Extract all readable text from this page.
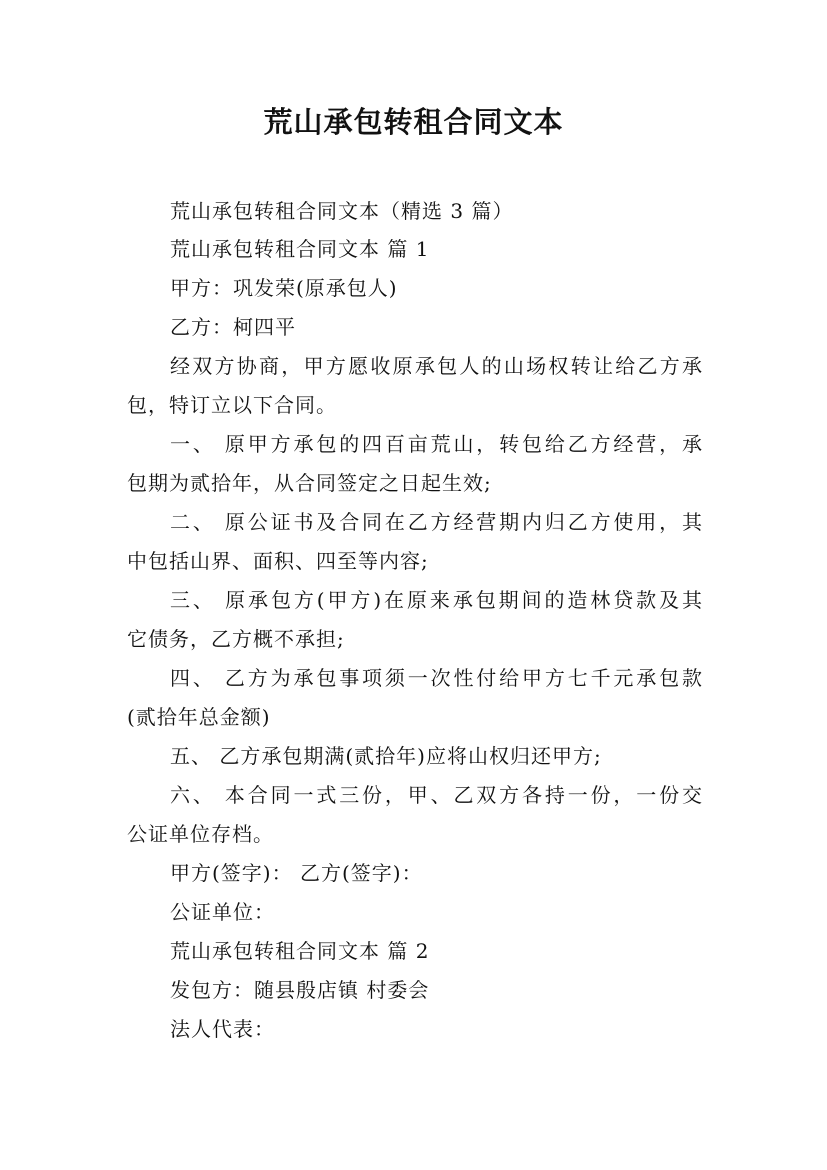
荒山承包转租合同文本
荒山承包转租合同文本（精选 3 篇）
荒山承包转租合同文本 篇 1
甲方：巩发荣(原承包人)
乙方：柯四平
经双方协商，甲方愿收原承包人的山场权转让给乙方承
包，特订立以下合同。
一、 原甲方承包的四百亩荒山，转包给乙方经营，承
包期为贰拾年，从合同签定之日起生效;
二、 原公证书及合同在乙方经营期内归乙方使用，其
中包括山界、面积、四至等内容;
三、 原承包方(甲方)在原来承包期间的造林贷款及其
它债务，乙方概不承担;
四、 乙方为承包事项须一次性付给甲方七千元承包款
(贰拾年总金额)
五、 乙方承包期满(贰拾年)应将山权归还甲方;
六、 本合同一式三份，甲、乙双方各持一份，一份交
公证单位存档。
甲方(签字)： 乙方(签字)：
公证单位：
荒山承包转租合同文本 篇 2
发包方：随县殷店镇 村委会
法人代表：
